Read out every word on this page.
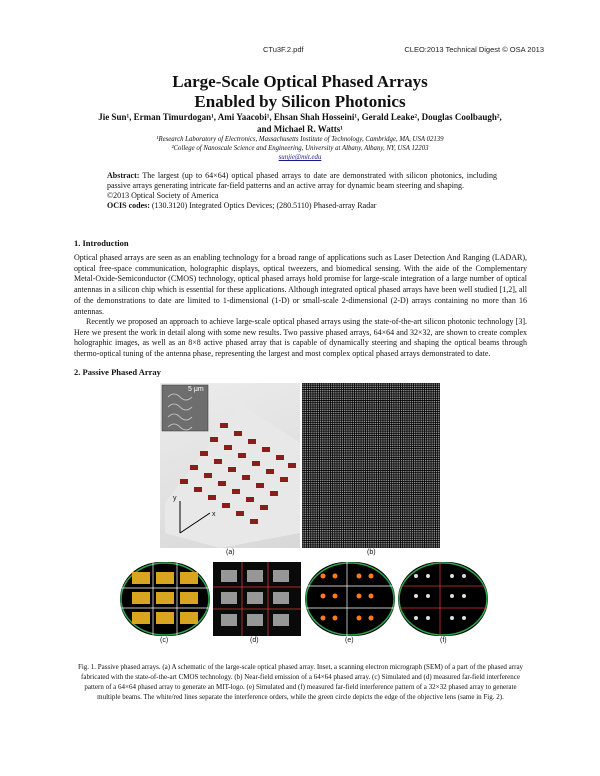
CTu3F.2.pdf	CLEO:2013 Technical Digest © OSA 2013
Large-Scale Optical Phased Arrays
Enabled by Silicon Photonics
Jie Sun¹, Erman Timurdogan¹, Ami Yaacobi¹, Ehsan Shah Hosseini¹, Gerald Leake², Douglas Coolbaugh²,
and Michael R. Watts¹
¹Research Laboratory of Electronics, Massachusetts Institute of Technology, Cambridge, MA, USA 02139
²College of Nanoscale Science and Engineering, University at Albany, Albany, NY, USA 12203
sunjie@mit.edu
Abstract: The largest (up to 64×64) optical phased arrays to date are demonstrated with silicon photonics, including passive arrays generating intricate far-field patterns and an active array for dynamic beam steering and shaping.
©2013 Optical Society of America
OCIS codes: (130.3120) Integrated Optics Devices; (280.5110) Phased-array Radar
1. Introduction
Optical phased arrays are seen as an enabling technology for a broad range of applications such as Laser Detection And Ranging (LADAR), optical free-space communication, holographic displays, optical tweezers, and biomedical sensing. With the aide of the Complementary Metal-Oxide-Semiconductor (CMOS) technology, optical phased arrays hold promise for large-scale integration of a large number of optical antennas in a silicon chip which is essential for these applications. Although integrated optical phased arrays have been well studied [1,2], all of the demonstrations to date are limited to 1-dimensional (1-D) or small-scale 2-dimensional (2-D) arrays containing no more than 16 antennas.
Recently we proposed an approach to achieve large-scale optical phased arrays using the state-of-the-art silicon photonic technology [3]. Here we present the work in detail along with some new results. Two passive phased arrays, 64×64 and 32×32, are shown to create complex holographic images, as well as an 8×8 active phased array that is capable of dynamically steering and shaping the optical beams through thermo-optical tuning of the antenna phase, representing the largest and most complex optical phased arrays demonstrated to date.
2. Passive Phased Array
5 μm
x
y
(a)	(b)
(c)	(d)	(e)	(f)
Fig. 1. Passive phased arrays. (a) A schematic of the large-scale optical phased array. Inset, a scanning electron micrograph (SEM) of a part of the phased array fabricated with the state-of-the-art CMOS technology. (b) Near-field emission of a 64×64 phased array. (c) Simulated and (d) measured far-field interference pattern of a 64×64 phased array to generate an MIT-logo. (e) Simulated and (f) measured far-field interference pattern of a 32×32 phased array to generate multiple beams. The white/red lines separate the interference orders, while the green circle depicts the edge of the objective lens (same in Fig. 2).
